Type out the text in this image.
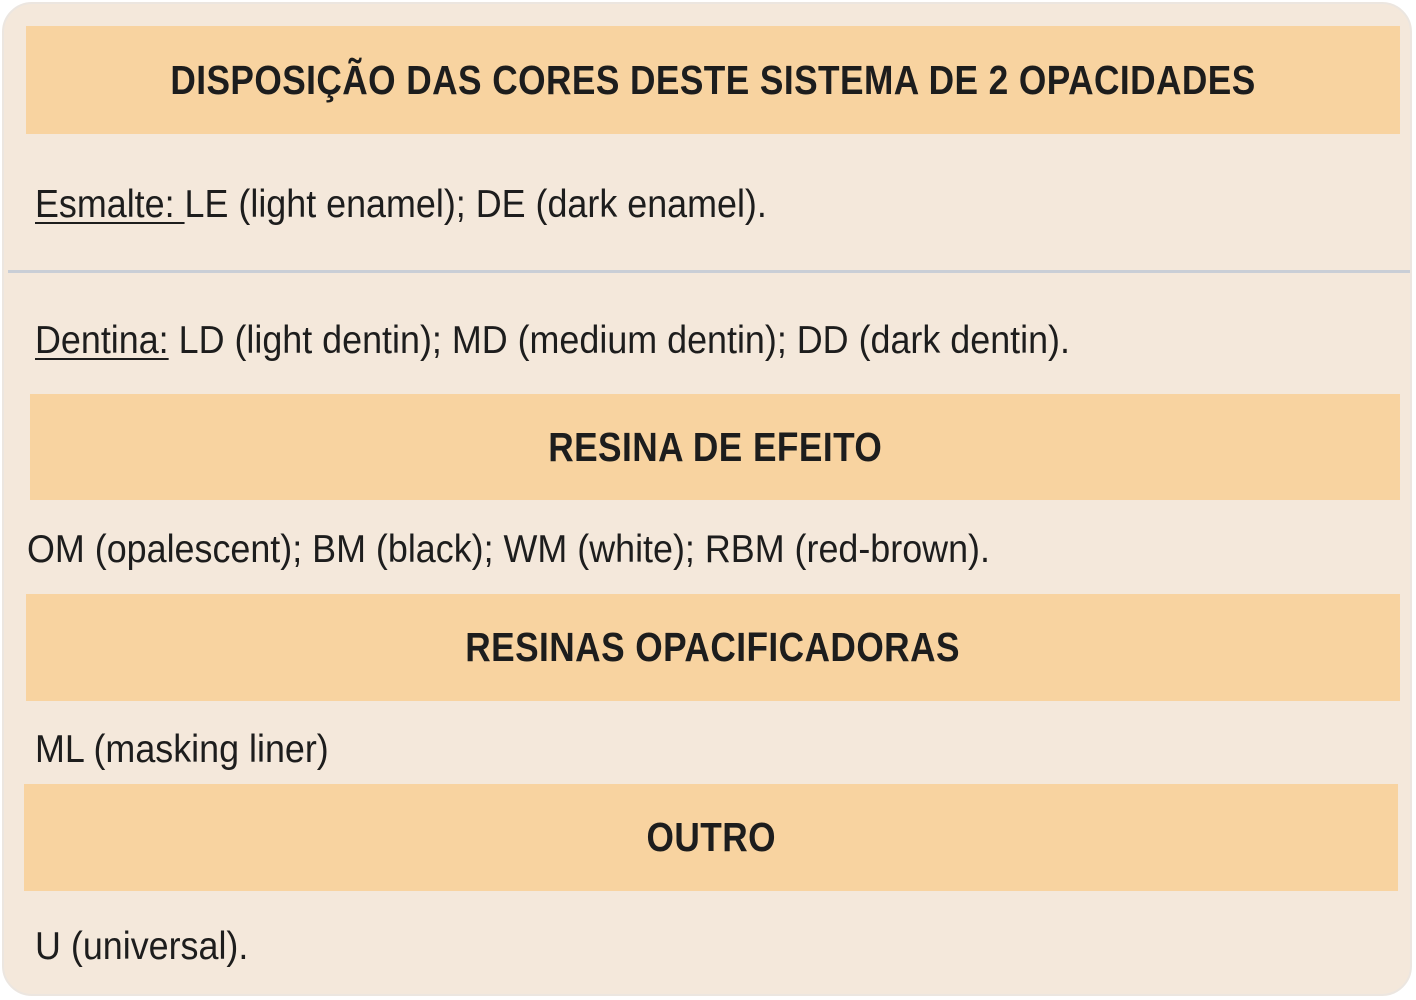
DISPOSIÇÃO DAS CORES DESTE SISTEMA DE 2 OPACIDADES
Esmalte: LE (light enamel); DE (dark enamel).
Dentina: LD (light dentin); MD (medium dentin); DD (dark dentin).
RESINA DE EFEITO
OM (opalescent); BM (black); WM (white); RBM (red-brown).
RESINAS OPACIFICADORAS
ML (masking liner)
OUTRO
U (universal).
